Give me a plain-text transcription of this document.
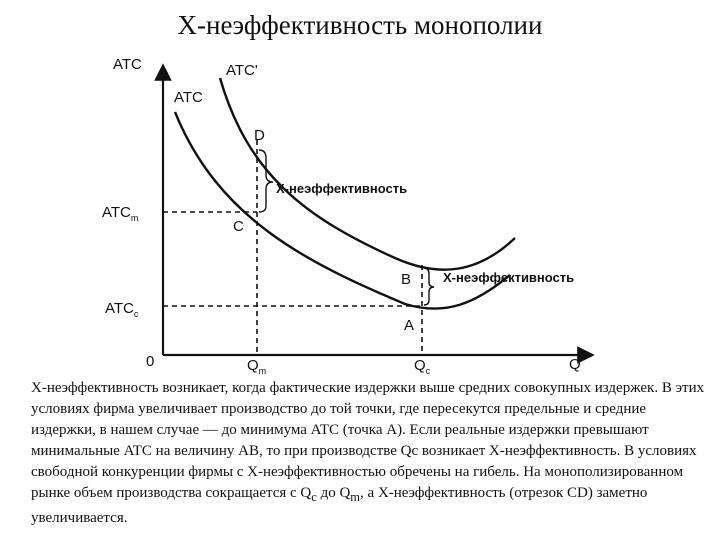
X-неэффективность монополии
ATC
Q
0
ATC'
ATC
$ATC_m$
$ATC_c$
$Q_m$	$Q_c$
D
C
B
A
X-неэффективность
X-неэффективность

X-неэффективность возникает, когда фактические издержки выше средних совокупных издержек. В этих условиях фирма увеличивает производство до той точки, где пересекутся предельные и средние издержки, в нашем случае — до минимума ATC (точка A). Если реальные издержки превышают минимальные ATC на величину AB, то при производстве Qc возникает X-неэффективность. В условиях свободной конкуренции фирмы с X-неэффективностью обречены на гибель. На монополизированном рынке объем производства сокращается с $Q_c$ до $Q_m$, а X-неэффективность (отрезок CD) заметно увеличивается.
